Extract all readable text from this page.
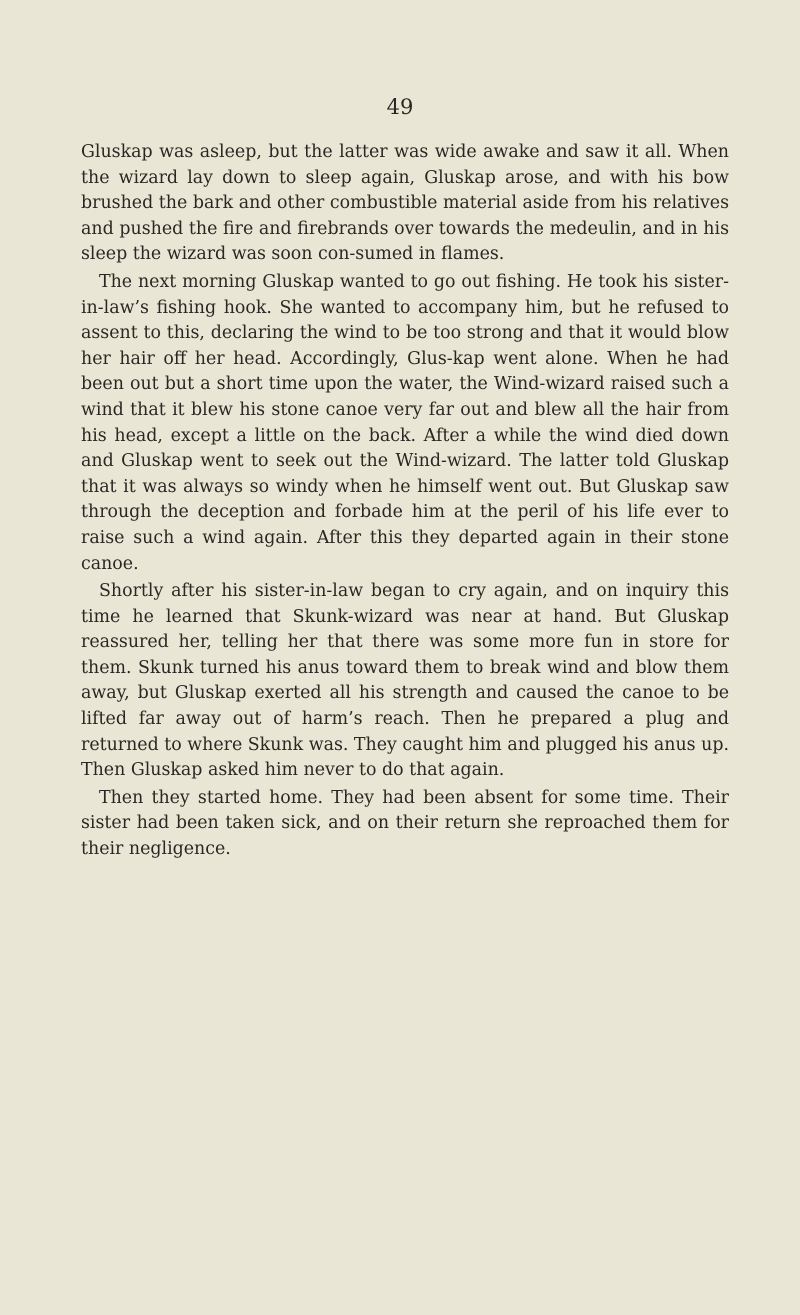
49

Gluskap was asleep, but the latter was wide awake and saw it all. When the wizard lay down to sleep again, Gluskap arose, and with his bow brushed the bark and other combustible material aside from his relatives and pushed the fire and firebrands over towards the medeulin, and in his sleep the wizard was soon con-sumed in flames.

The next morning Gluskap wanted to go out fishing. He took his sister-in-law’s fishing hook. She wanted to accompany him, but he refused to assent to this, declaring the wind to be too strong and that it would blow her hair off her head. Accordingly, Glus-kap went alone. When he had been out but a short time upon the water, the Wind-wizard raised such a wind that it blew his stone canoe very far out and blew all the hair from his head, except a little on the back. After a while the wind died down and Gluskap went to seek out the Wind-wizard. The latter told Gluskap that it was always so windy when he himself went out. But Gluskap saw through the deception and forbade him at the peril of his life ever to raise such a wind again. After this they departed again in their stone canoe.

Shortly after his sister-in-law began to cry again, and on inquiry this time he learned that Skunk-wizard was near at hand. But Gluskap reassured her, telling her that there was some more fun in store for them. Skunk turned his anus toward them to break wind and blow them away, but Gluskap exerted all his strength and caused the canoe to be lifted far away out of harm’s reach. Then he prepared a plug and returned to where Skunk was. They caught him and plugged his anus up. Then Gluskap asked him never to do that again.

Then they started home. They had been absent for some time. Their sister had been taken sick, and on their return she reproached them for their negligence.
